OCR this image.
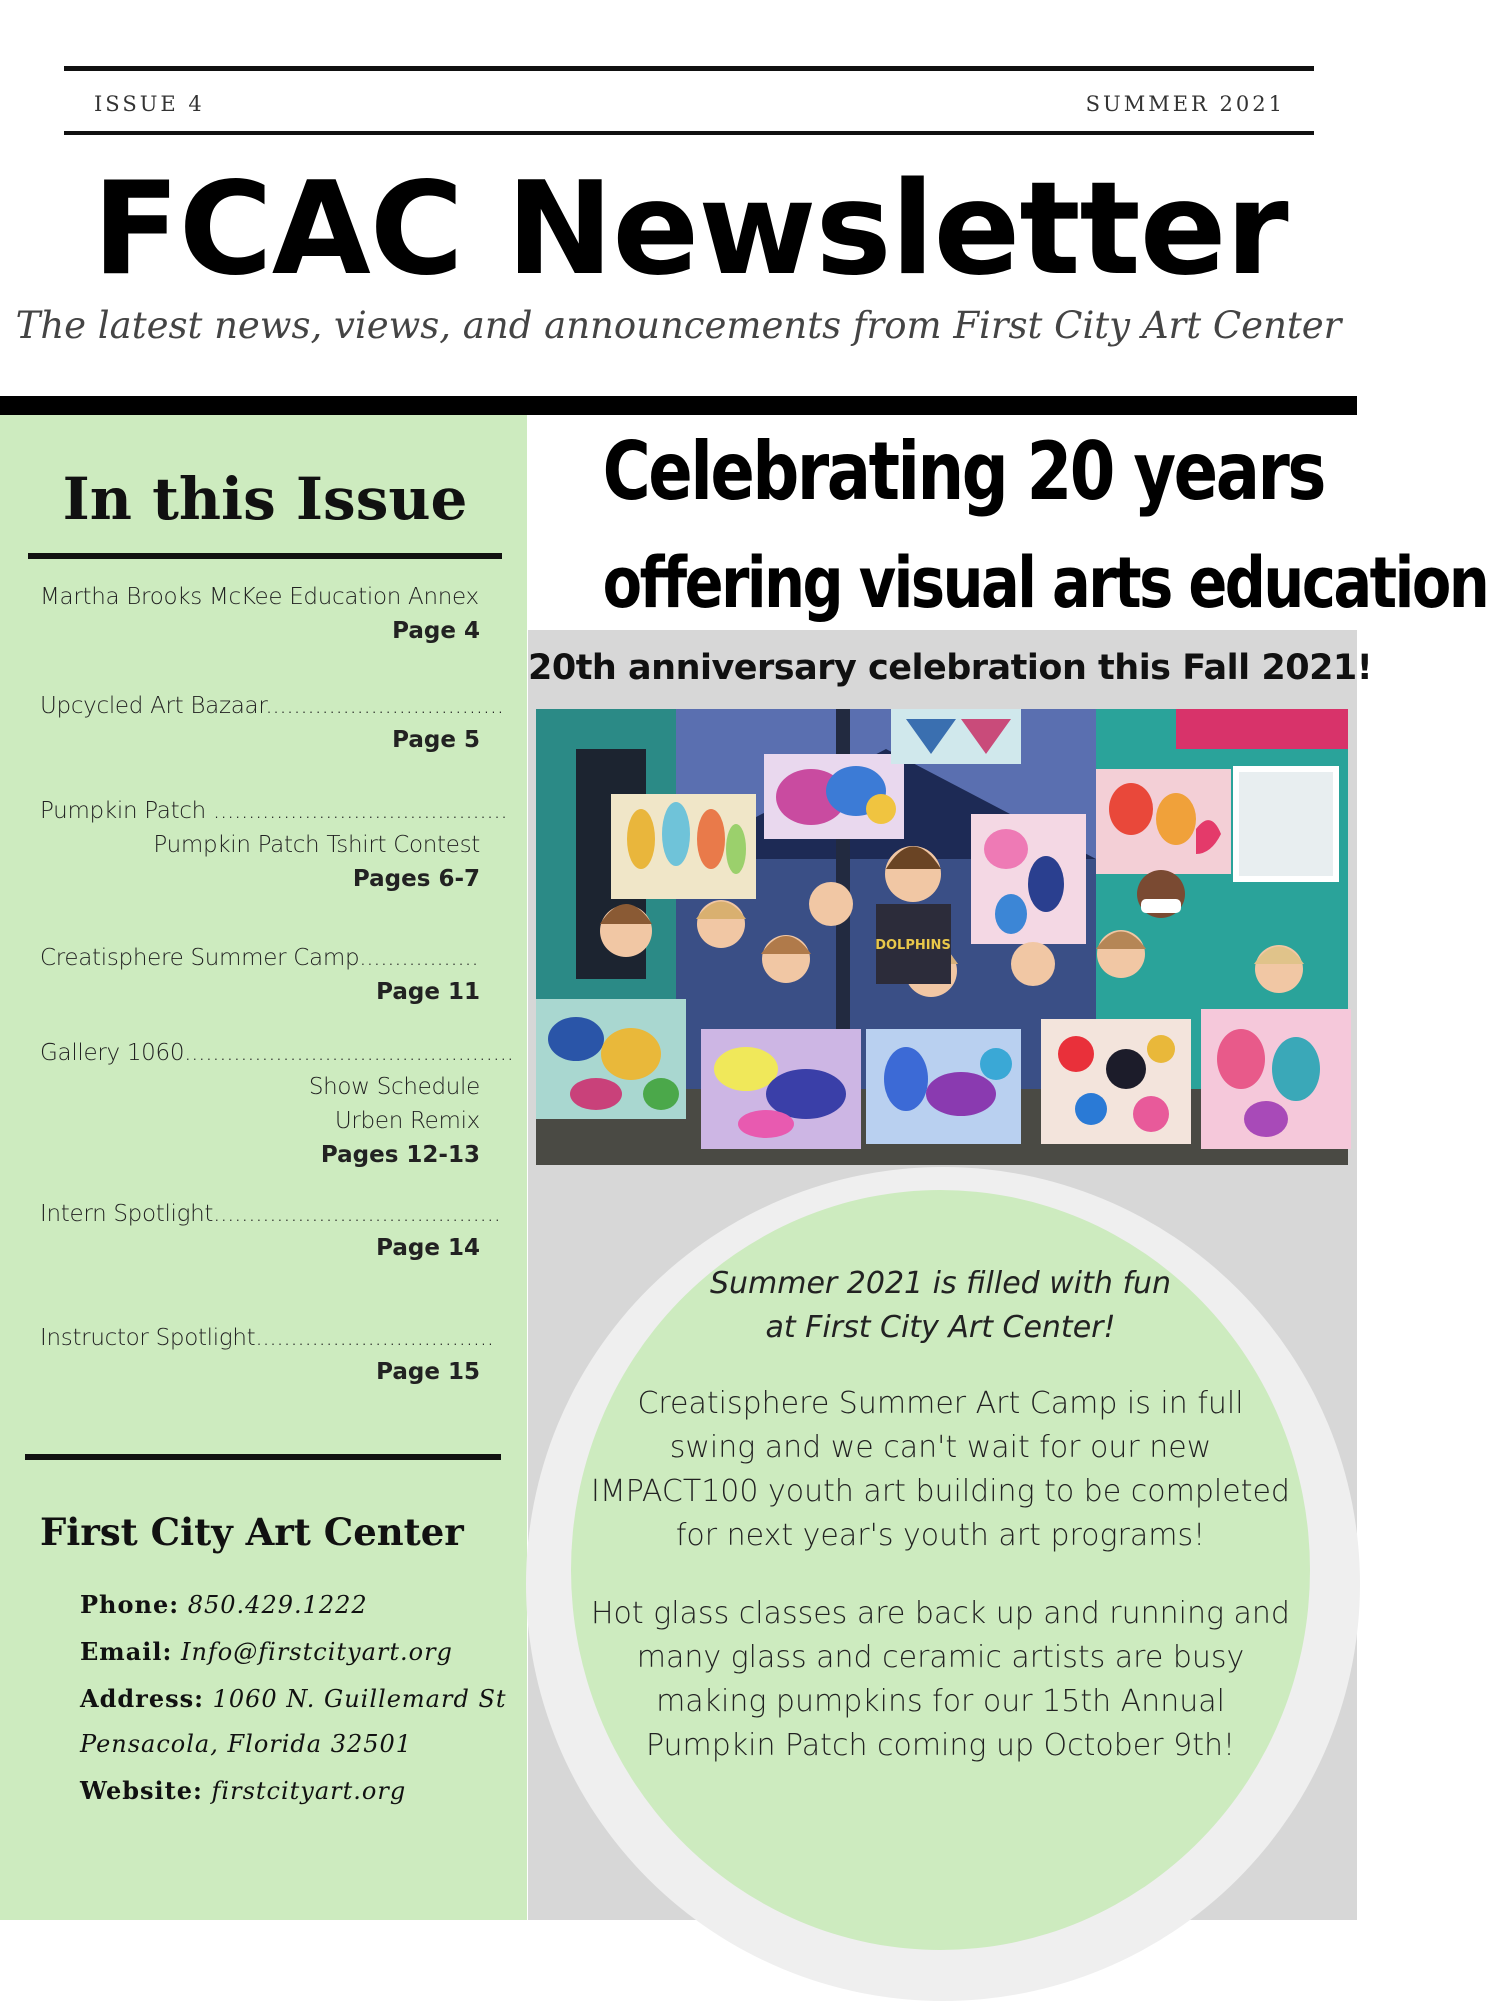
ISSUE 4	SUMMER 2021
FCAC Newsletter
The latest news, views, and announcements from First City Art Center
In this Issue
Martha Brooks McKee Education Annex
Page 4
Upcycled Art Bazaar..................................
Page 5
Pumpkin Patch ..........................................
Pumpkin Patch Tshirt Contest
Pages 6-7
Creatisphere Summer Camp.................
Page 11
Gallery 1060...............................................
Show Schedule
Urben Remix
Pages 12-13
Intern Spotlight.........................................
Page 14
Instructor Spotlight..................................
Page 15
First City Art Center
Phone: 850.429.1222
Email: Info@firstcityart.org
Address: 1060 N. Guillemard St
Pensacola, Florida 32501
Website: firstcityart.org
Celebrating 20 years
offering visual arts education
20th anniversary celebration this Fall 2021!
DOLPHINS
Summer 2021 is filled with fun
at First City Art Center!

Creatisphere Summer Art Camp is in full swing and we can't wait for our new IMPACT100 youth art building to be completed for next year's youth art programs!

Hot glass classes are back up and running and many glass and ceramic artists are busy making pumpkins for our 15th Annual Pumpkin Patch coming up October 9th!
